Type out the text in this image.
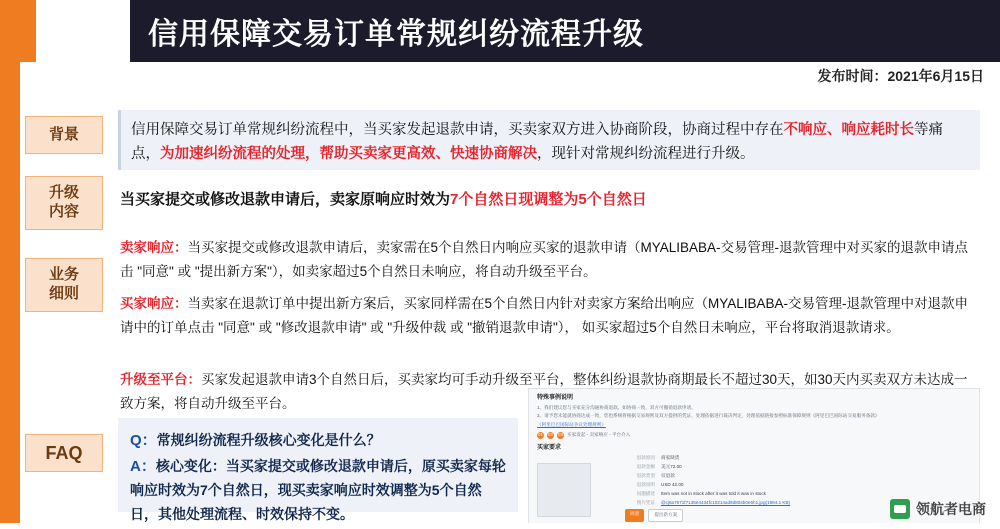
信用保障交易订单常规纠纷流程升级
发布时间：2021年6月15日
背景
升级
内容
业务
细则
FAQ
信用保障交易订单常规纠纷流程中，当买家发起退款申请，买卖家双方进入协商阶段，协商过程中存在不响应、响应耗时长等痛点，为加速纠纷流程的处理，帮助买卖家更高效、快速协商解决，现针对常规纠纷流程进行升级。
当买家提交或修改退款申请后，卖家原响应时效为7个自然日现调整为5个自然日
卖家响应：当买家提交或修改退款申请后，卖家需在5个自然日内响应买家的退款申请（MYALIBABA-交易管理-退款管理中对买家的退款申请点击 "同意" 或 "提出新方案"），如卖家超过5个自然日未响应，将自动升级至平台。
买家响应：当卖家在退款订单中提出新方案后，买家同样需在5个自然日内针对卖家方案给出响应（MYALIBABA-交易管理-退款管理中对退款申请中的订单点击 "同意" 或 "修改退款申请" 或 "升级仲裁 或 "撤销退款申请"）， 如买家超过5个自然日未响应，平台将取消退款请求。
升级至平台：买家发起退款申请3个自然日后，买卖家均可手动升级至平台，整体纠纷退款协商期最长不超过30天，如30天内买卖双方未达成一致方案，将自动升级至平台。
Q：常规纠纷流程升级核心变化是什么？
A：核心变化：当买家提交或修改退款申请后，原买卖家每轮响应时效为7个自然日，现买卖家响应时效调整为5个自然日，其他处理流程、时效保持不变。
特殊事例说明
1、我们建议您与买家充分沟通协商退款。如协商一致，双方可撤销退款申请。
2、请予您未能就协商达成一致，您也系统将根据交易规则及双方提供的凭证、处理依据进行裁决判定，处理依据链接参照标准保障规则《阿里巴巴国际站交易服务条款》
《阿里巴巴国际站争议处理规则》
01 02 03 买家发起 - 卖家响应 - 平台介入
买家要求
退款原因	商家缺货
退款金额	美元72.00
退款类型	仅退款
退款说明	USD 42.00
问题描述	Item was not in stock after it was told it was in stock
图片凭证	@cj8a7671f7135e4434fc10214ad9d804b0e5h1.jpg(1984.1 KB)
同意	提出新方案	领航者电商
